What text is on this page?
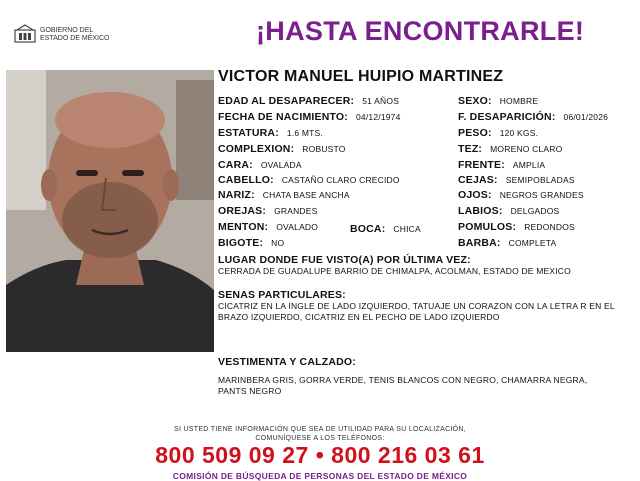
GOBIERNO DEL
ESTADO DE MÉXICO	¡HASTA ENCONTRARLE!
VICTOR MANUEL HUIPIO MARTINEZ
EDAD AL DESAPARECER: 51 AÑOS
FECHA DE NACIMIENTO: 04/12/1974
ESTATURA: 1.6 MTS.
COMPLEXION: ROBUSTO
CARA: OVALADA
CABELLO: CASTAÑO CLARO CRECIDO
NARIZ: CHATA BASE ANCHA
OREJAS: GRANDES
MENTON: OVALADO	BOCA: CHICA
BIGOTE: NO
SEXO: HOMBRE
F. DESAPARICIÓN: 06/01/2026
PESO: 120 KGS.
TEZ: MORENO CLARO
FRENTE: AMPLIA
CEJAS: SEMIPOBLADAS
OJOS: NEGROS GRANDES
LABIOS: DELGADOS
POMULOS: REDONDOS
BARBA: COMPLETA
LUGAR DONDE FUE VISTO(A) POR ÚLTIMA VEZ:
CERRADA DE GUADALUPE BARRIO DE CHIMALPA, ACOLMAN, ESTADO DE MEXICO
SENAS PARTICULARES:
CICATRIZ EN LA INGLE DE LADO IZQUIERDO, TATUAJE UN CORAZON CON LA LETRA R EN EL BRAZO IZQUIERDO, CICATRIZ EN EL PECHO DE LADO IZQUIERDO
VESTIMENTA Y CALZADO:
MARINBERA GRIS, GORRA VERDE, TENIS BLANCOS CON NEGRO, CHAMARRA NEGRA, PANTS NEGRO
SI USTED TIENE INFORMACIÓN QUE SEA DE UTILIDAD PARA SU LOCALIZACIÓN,
COMUNÍQUESE A LOS TELÉFONOS:
800 509 09 27 • 800 216 03 61
COMISIÓN DE BÚSQUEDA DE PERSONAS DEL ESTADO DE MÉXICO
